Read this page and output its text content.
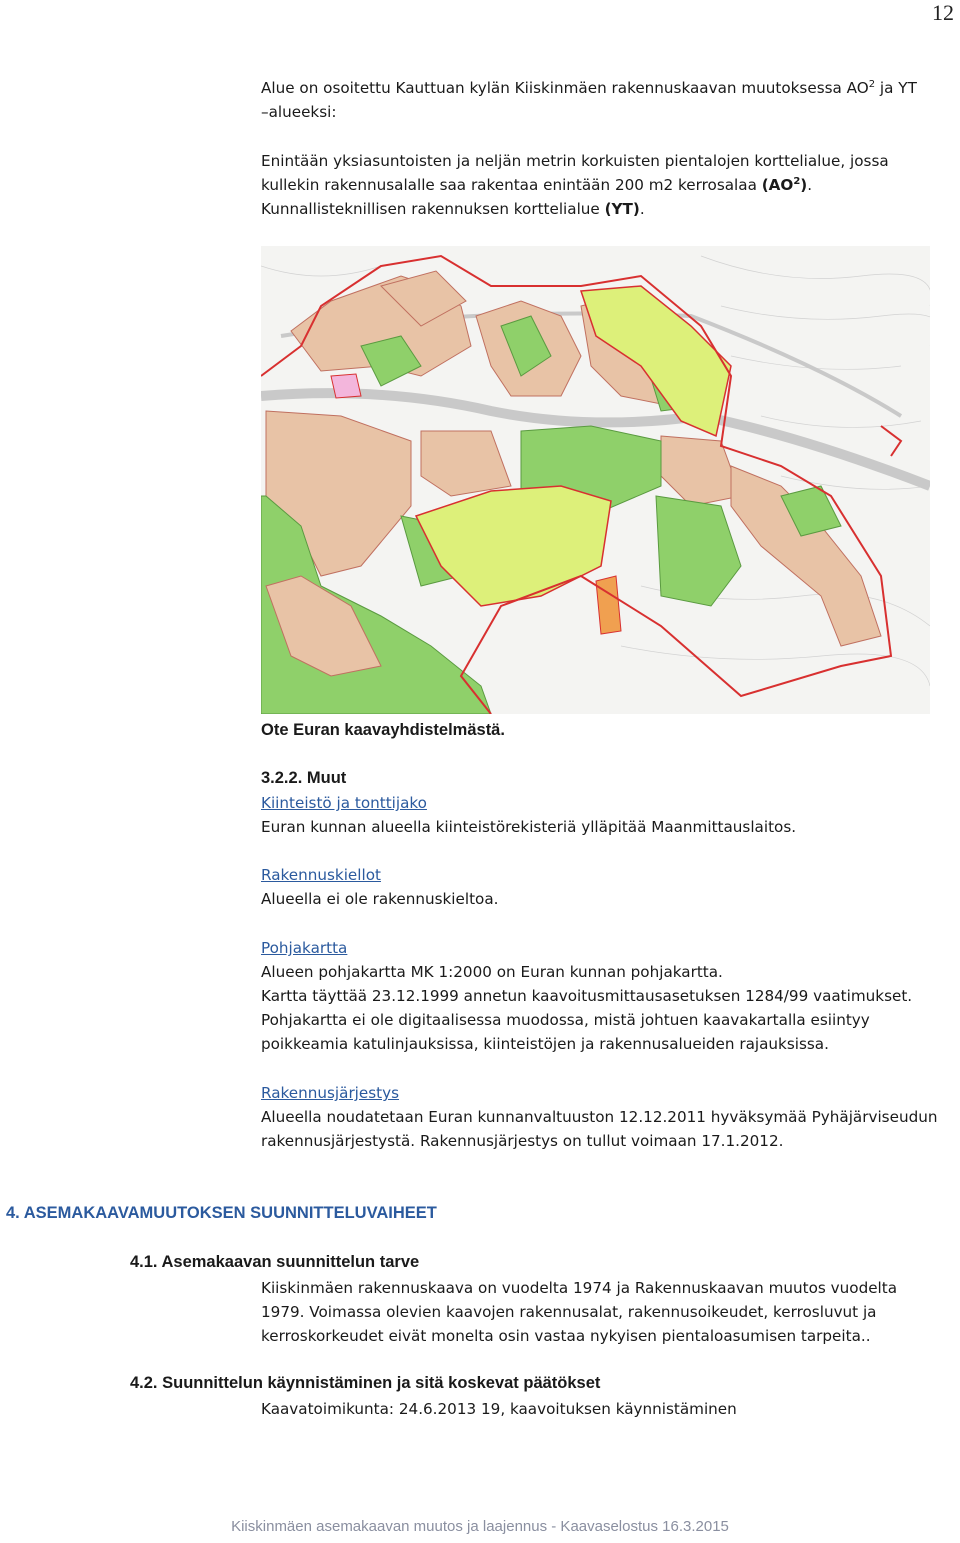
12

Alue on osoitettu Kauttuan kylän Kiiskinmäen rakennuskaavan muutoksessa $AO^2$ ja YT
–alueeksi:

Enintään yksiasuntoisten ja neljän metrin korkuisten pientalojen korttelialue, jossa kullekin rakennusalalle saa rakentaa enintään 200 m2 kerrosalaa $(AO^2)$. Kunnallisteknillisen rakennuksen korttelialue (YT).

Ote Euran kaavayhdistelmästä.

3.2.2. Muut

Kiinteistö ja tonttijako

Euran kunnan alueella kiinteistörekisteriä ylläpitää Maanmittauslaitos.

Rakennuskiellot

Alueella ei ole rakennuskieltoa.

Pohjakartta

Alueen pohjakartta MK 1:2000 on Euran kunnan pohjakartta.

Kartta täyttää 23.12.1999 annetun kaavoitusmittausasetuksen 1284/99 vaatimukset.

Pohjakartta ei ole digitaalisessa muodossa, mistä johtuen kaavakartalla esiintyy poikkeamia katulinjauksissa, kiinteistöjen ja rakennusalueiden rajauksissa.

Rakennusjärjestys

Alueella noudatetaan Euran kunnanvaltuuston 12.12.2011 hyväksymää Pyhäjärviseudun rakennusjärjestystä. Rakennusjärjestys on tullut voimaan 17.1.2012.

4. ASEMAKAAVAMUUTOKSEN SUUNNITTELUVAIHEET

4.1. Asemakaavan suunnittelun tarve

Kiiskinmäen rakennuskaava on vuodelta 1974 ja Rakennuskaavan muutos vuodelta 1979. Voimassa olevien kaavojen rakennusalat, rakennusoikeudet, kerrosluvut ja kerroskorkeudet eivät monelta osin vastaa nykyisen pientaloasumisen tarpeita..

4.2. Suunnittelun käynnistäminen ja sitä koskevat päätökset

Kaavatoimikunta: 24.6.2013 19, kaavoituksen käynnistäminen

Kiiskinmäen asemakaavan muutos ja laajennus - Kaavaselostus 16.3.2015
